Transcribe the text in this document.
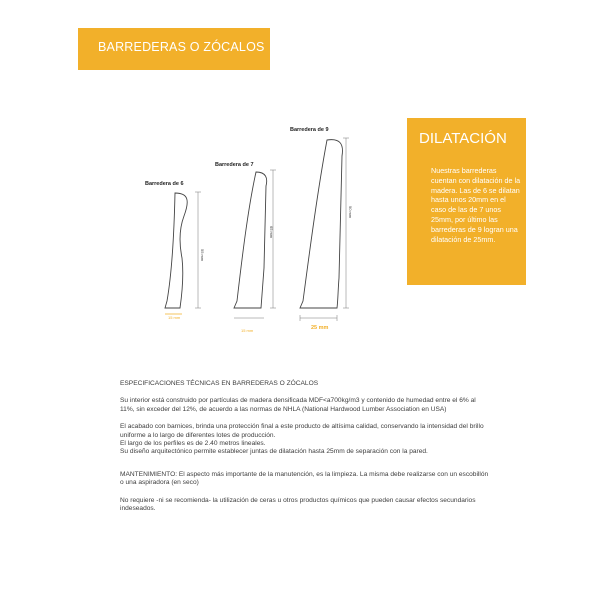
BARREDERAS O ZÓCALOS
Barredera de 6
55 mm
15 mm
Barredera de 7
65 mm
15 mm
Barredera de 9
90 mm
25 mm
DILATACIÓN
Nuestras barrederas cuentan con dilatación de la madera. Las de 6 se dilatan hasta unos 20mm en el caso de las de 7 unos 25mm, por último las barrederas de 9 logran una dilatación de 25mm.

ESPECIFICACIONES TÉCNICAS EN BARREDERAS O ZÓCALOS

Su interior está construido por partículas de madera densificada MDF<a700kg/m3 y contenido de humedad entre el 6% al 11%, sin exceder del 12%, de acuerdo a las normas de NHLA (National Hardwood Lumber Association en USA)

El acabado con barnices, brinda una protección final a este producto de altísima calidad, conservando la intensidad del brillo uniforme a lo largo de diferentes lotes de producción.

El largo de los perfiles es de 2.40 metros lineales.

Su diseño arquitectónico permite establecer juntas de dilatación hasta 25mm de separación con la pared.

MANTENIMIENTO: El aspecto más importante de la manutención, es la limpieza. La misma debe realizarse con un escobillón o una aspiradora (en seco)

No requiere -ni se recomienda- la utilización de ceras u otros productos químicos que pueden causar efectos secundarios indeseados.
